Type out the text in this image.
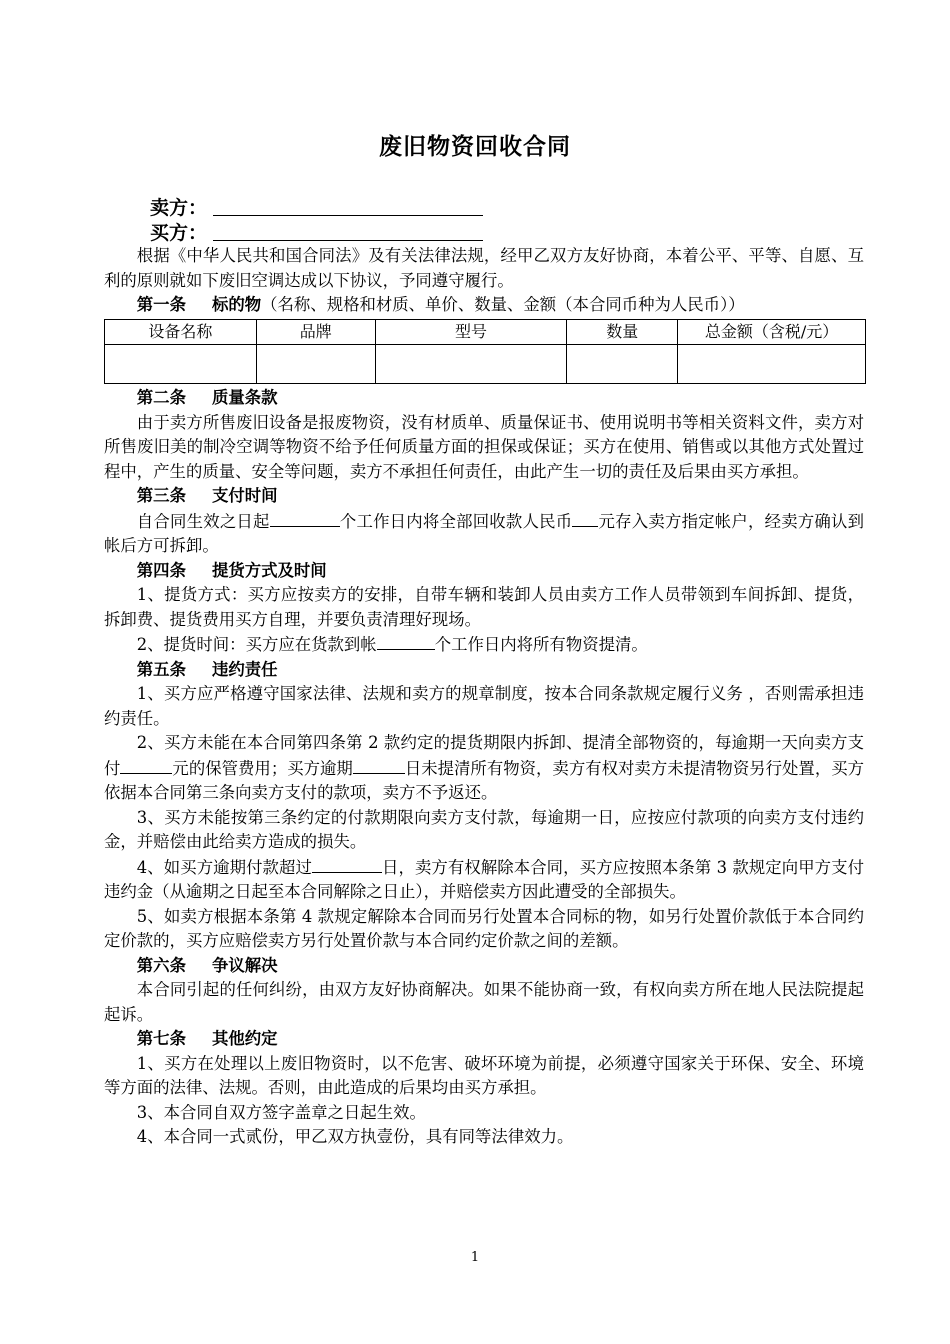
废旧物资回收合同
卖方：
买方：

根据《中华人民共和国合同法》及有关法律法规，经甲乙双方友好协商，本着公平、平等、自愿、互利的原则就如下废旧空调达成以下协议，予同遵守履行。

第一条 标的物（名称、规格和材质、单价、数量、金额（本合同币种为人民币））

设备名称	品牌	型号	数量	总金额（含税/元）

第二条 质量条款

由于卖方所售废旧设备是报废物资，没有材质单、质量保证书、使用说明书等相关资料文件，卖方对所售废旧美的制冷空调等物资不给予任何质量方面的担保或保证；买方在使用、销售或以其他方式处置过程中，产生的质量、安全等问题，卖方不承担任何责任，由此产生一切的责任及后果由买方承担。

第三条 支付时间

自合同生效之日起	个工作日内将全部回收款人民币 元存入卖方指定帐户，经卖方确认到帐后方可拆卸。

第四条 提货方式及时间

1、提货方式：买方应按卖方的安排，自带车辆和装卸人员由卖方工作人员带领到车间拆卸、提货，拆卸费、提货费用买方自理，并要负责清理好现场。

2、提货时间：买方应在货款到帐	个工作日内将所有物资提清。

第五条 违约责任

1、买方应严格遵守国家法律、法规和卖方的规章制度，按本合同条款规定履行义务 ，否则需承担违约责任。

2、买方未能在本合同第四条第 2 款约定的提货期限内拆卸、提清全部物资的，每逾期一天向卖方支付	元的保管费用；买方逾期	日未提清所有物资，卖方有权对卖方未提清物资另行处置，买方依据本合同第三条向卖方支付的款项，卖方不予返还。

3、买方未能按第三条约定的付款期限向卖方支付款，每逾期一日，应按应付款项的向卖方支付违约金，并赔偿由此给卖方造成的损失。

4、如买方逾期付款超过	日，卖方有权解除本合同，买方应按照本条第 3 款规定向甲方支付违约金（从逾期之日起至本合同解除之日止），并赔偿卖方因此遭受的全部损失。

5、如卖方根据本条第 4 款规定解除本合同而另行处置本合同标的物，如另行处置价款低于本合同约定价款的，买方应赔偿卖方另行处置价款与本合同约定价款之间的差额。

第六条 争议解决

本合同引起的任何纠纷，由双方友好协商解决。如果不能协商一致，有权向卖方所在地人民法院提起起诉。

第七条 其他约定

1、买方在处理以上废旧物资时，以不危害、破坏环境为前提，必须遵守国家关于环保、安全、环境等方面的法律、法规。否则，由此造成的后果均由买方承担。

3、本合同自双方签字盖章之日起生效。

4、本合同一式贰份，甲乙双方执壹份，具有同等法律效力。

1
